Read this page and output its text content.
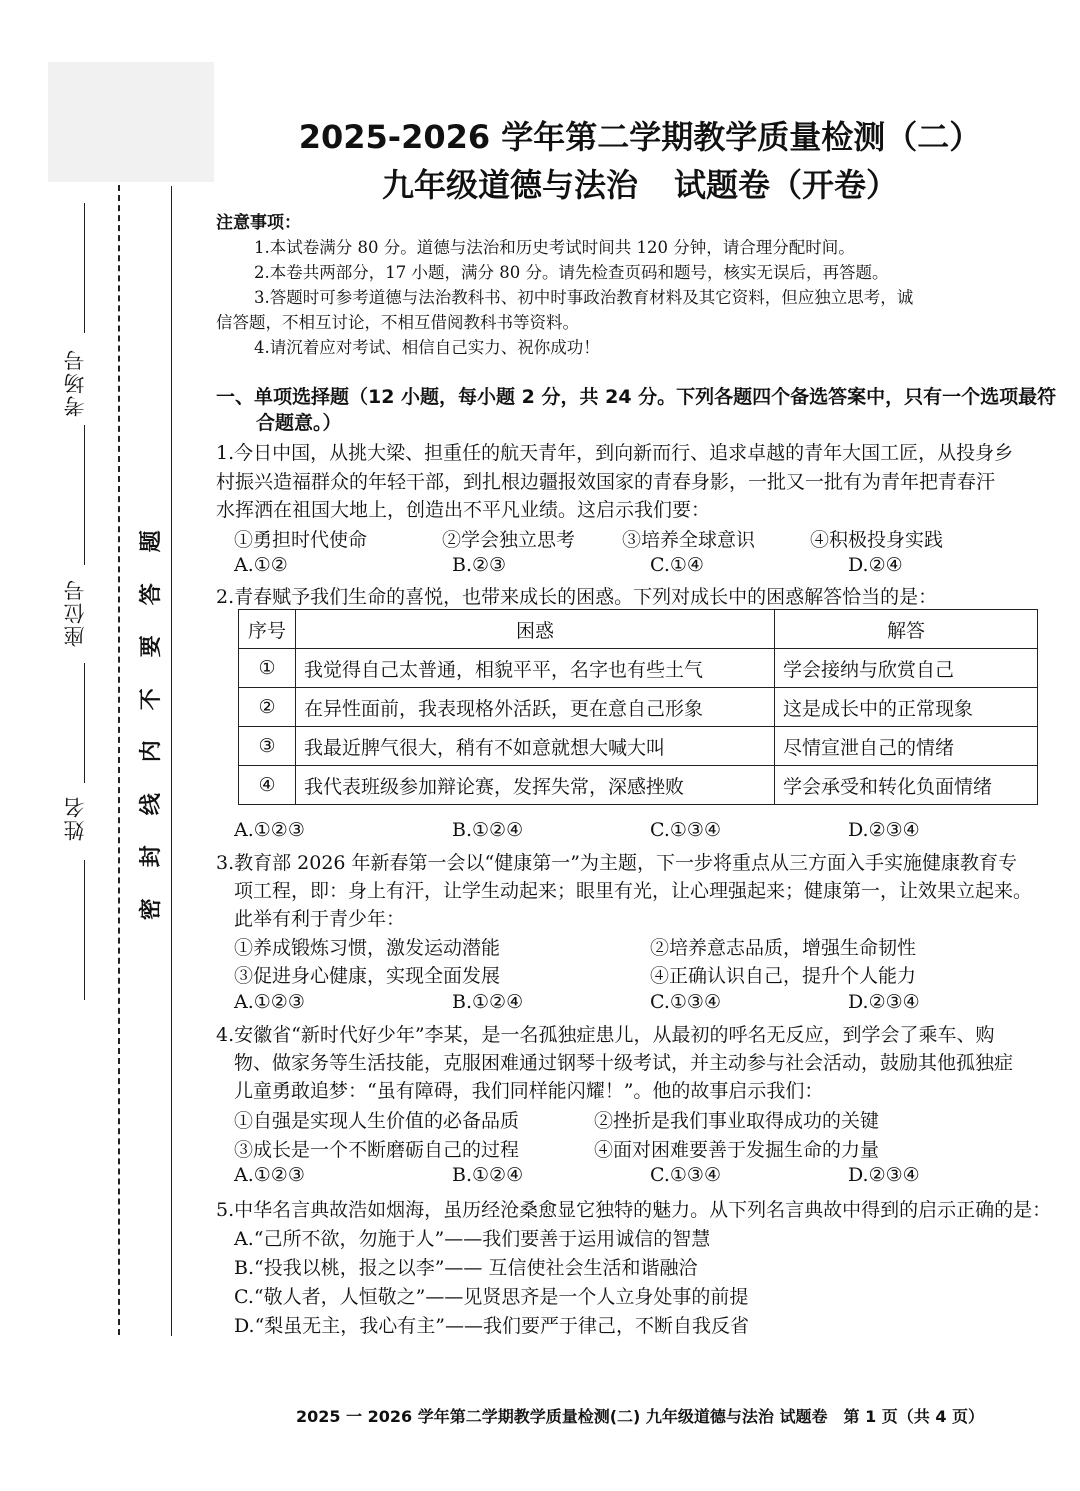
考场号
座位号
姓名
题
答
要
不
内
线
封
密
2025-2026 学年第二学期教学质量检测（二）
九年级道德与法治 试题卷（开卷）
注意事项：
1.本试卷满分 80 分。道德与法治和历史考试时间共 120 分钟，请合理分配时间。
2.本卷共两部分，17 小题，满分 80 分。请先检查页码和题号，核实无误后，再答题。
3.答题时可参考道德与法治教科书、初中时事政治教育材料及其它资料，但应独立思考，诚
信答题，不相互讨论，不相互借阅教科书等资料。
4.请沉着应对考试、相信自己实力、祝你成功！
一、单项选择题（12 小题，每小题 2 分，共 24 分。下列各题四个备选答案中，只有一个选项最符
合题意。）
1.今日中国，从挑大梁、担重任的航天青年，到向新而行、追求卓越的青年大国工匠，从投身乡
村振兴造福群众的年轻干部，到扎根边疆报效国家的青春身影，一批又一批有为青年把青春汗
水挥洒在祖国大地上，创造出不平凡业绩。这启示我们要：
①勇担时代使命	②学会独立思考 ③培养全球意识	④积极投身实践
A.①②	B.②③	C.①④	D.②④
2.青春赋予我们生命的喜悦，也带来成长的困惑。下列对成长中的困惑解答恰当的是：
序号	困惑	解答
①	我觉得自己太普通，相貌平平，名字也有些土气	学会接纳与欣赏自己
②	在异性面前，我表现格外活跃，更在意自己形象	这是成长中的正常现象
③	我最近脾气很大，稍有不如意就想大喊大叫	尽情宣泄自己的情绪
④	我代表班级参加辩论赛，发挥失常，深感挫败	学会承受和转化负面情绪
A.①②③	B.①②④	C.①③④	D.②③④
3.教育部 2026 年新春第一会以“健康第一”为主题，下一步将重点从三方面入手实施健康教育专
项工程，即：身上有汗，让学生动起来；眼里有光，让心理强起来；健康第一，让效果立起来。
此举有利于青少年：
①养成锻炼习惯，激发运动潜能	②培养意志品质，增强生命韧性
③促进身心健康，实现全面发展	④正确认识自己，提升个人能力
A.①②③	B.①②④	C.①③④	D.②③④
4.安徽省“新时代好少年”李某，是一名孤独症患儿，从最初的呼名无反应，到学会了乘车、购
物、做家务等生活技能，克服困难通过钢琴十级考试，并主动参与社会活动，鼓励其他孤独症
儿童勇敢追梦：“虽有障碍，我们同样能闪耀！”。他的故事启示我们：
①自强是实现人生价值的必备品质	②挫折是我们事业取得成功的关键
③成长是一个不断磨砺自己的过程	④面对困难要善于发掘生命的力量
A.①②③	B.①②④	C.①③④	D.②③④
5.中华名言典故浩如烟海，虽历经沧桑愈显它独特的魅力。从下列名言典故中得到的启示正确的是：
A.“己所不欲，勿施于人”——我们要善于运用诚信的智慧
B.“投我以桃，报之以李”—— 互信使社会生活和谐融洽
C.“敬人者，人恒敬之”——见贤思齐是一个人立身处事的前提
D.“梨虽无主，我心有主”——我们要严于律己，不断自我反省
2025 一 2026 学年第二学期教学质量检测(二) 九年级道德与法治 试题卷　第 1 页（共 4 页）
